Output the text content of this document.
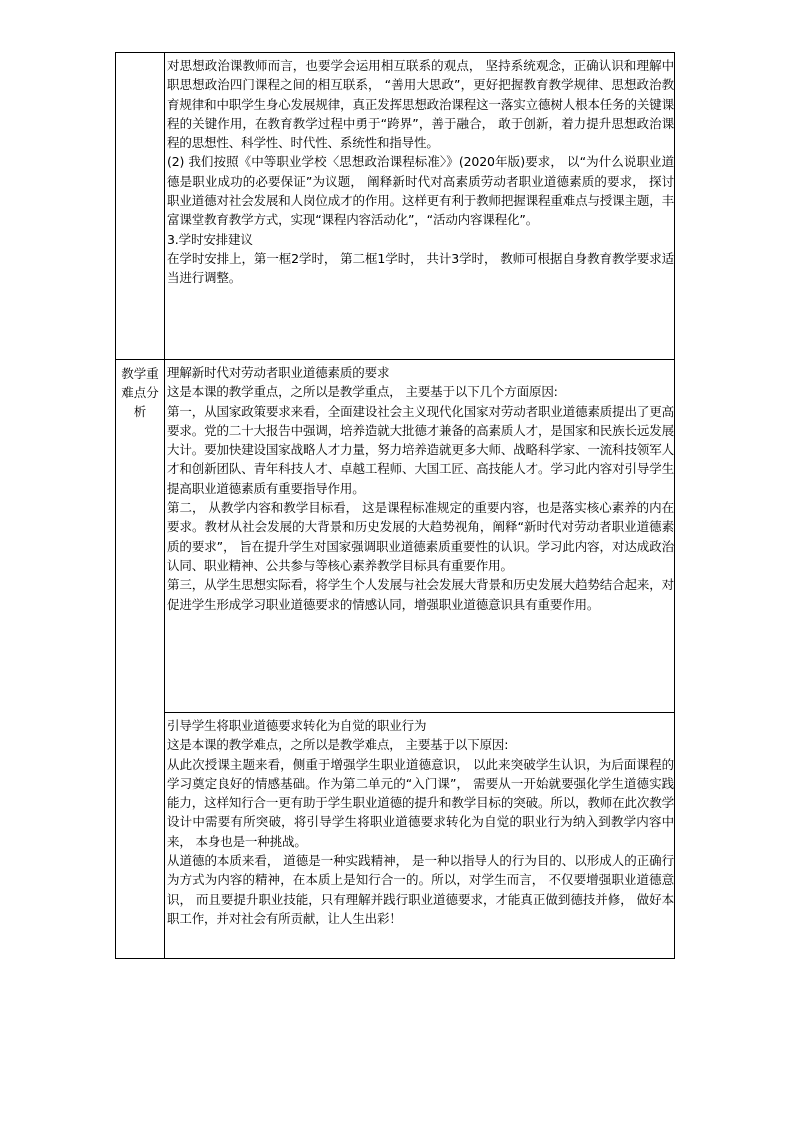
	对思想政治课教师而言，也要学会运用相互联系的观点， 坚持系统观念，正确认识和理解中职思想政治四门课程之间的相互联系， “善用大思政”，更好把握教育教学规律、思想政治教育规律和中职学生身心发展规律，真正发挥思想政治课程这一落实立德树人根本任务的关键课程的关键作用，在教育教学过程中勇于“跨界”，善于融合， 敢于创新，着力提升思想政治课程的思想性、科学性、时代性、系统性和指导性。

(2) 我们按照《中等职业学校〈思想政治课程标准〉》(2020年版)要求， 以“为什么说职业道德是职业成功的必要保证”为议题， 阐释新时代对高素质劳动者职业道德素质的要求， 探讨职业道德对社会发展和人岗位成才的作用。这样更有利于教师把握课程重难点与授课主题，丰富课堂教育教学方式，实现“课程内容活动化”，“活动内容课程化”。

3.学时安排建议

在学时安排上，第一框2学时， 第二框1学时， 共计3学时， 教师可根据自身教育教学要求适当进行调整。

教学重难点分析	理解新时代对劳动者职业道德素质的要求

这是本课的教学重点，之所以是教学重点， 主要基于以下几个方面原因:

第一，从国家政策要求来看，全面建设社会主义现代化国家对劳动者职业道德素质提出了更高要求。党的二十大报告中强调，培养造就大批德才兼备的高素质人才，是国家和民族长远发展大计。要加快建设国家战略人才力量，努力培养造就更多大师、战略科学家、一流科技领军人才和创新团队、青年科技人才、卓越工程师、大国工匠、高技能人才。学习此内容对引导学生提高职业道德素质有重要指导作用。

第二， 从教学内容和教学目标看， 这是课程标准规定的重要内容，也是落实核心素养的内在要求。教材从社会发展的大背景和历史发展的大趋势视角，阐释“新时代对劳动者职业道德素质的要求”， 旨在提升学生对国家强调职业道德素质重要性的认识。学习此内容，对达成政治认同、职业精神、公共参与等核心素养教学目标具有重要作用。

第三，从学生思想实际看，将学生个人发展与社会发展大背景和历史发展大趋势结合起来，对促进学生形成学习职业道德要求的情感认同，增强职业道德意识具有重要作用。

	引导学生将职业道德要求转化为自觉的职业行为

这是本课的教学难点，之所以是教学难点， 主要基于以下原因:

从此次授课主题来看，侧重于增强学生职业道德意识， 以此来突破学生认识，为后面课程的学习奠定良好的情感基础。作为第二单元的“入门课”， 需要从一开始就要强化学生道德实践能力，这样知行合一更有助于学生职业道德的提升和教学目标的突破。所以，教师在此次教学设计中需要有所突破，将引导学生将职业道德要求转化为自觉的职业行为纳入到教学内容中来， 本身也是一种挑战。

从道德的本质来看， 道德是一种实践精神， 是一种以指导人的行为目的、以形成人的正确行为方式为内容的精神，在本质上是知行合一的。所以，对学生而言， 不仅要增强职业道德意识， 而且要提升职业技能，只有理解并践行职业道德要求，才能真正做到德技并修， 做好本职工作，并对社会有所贡献，让人生出彩！
